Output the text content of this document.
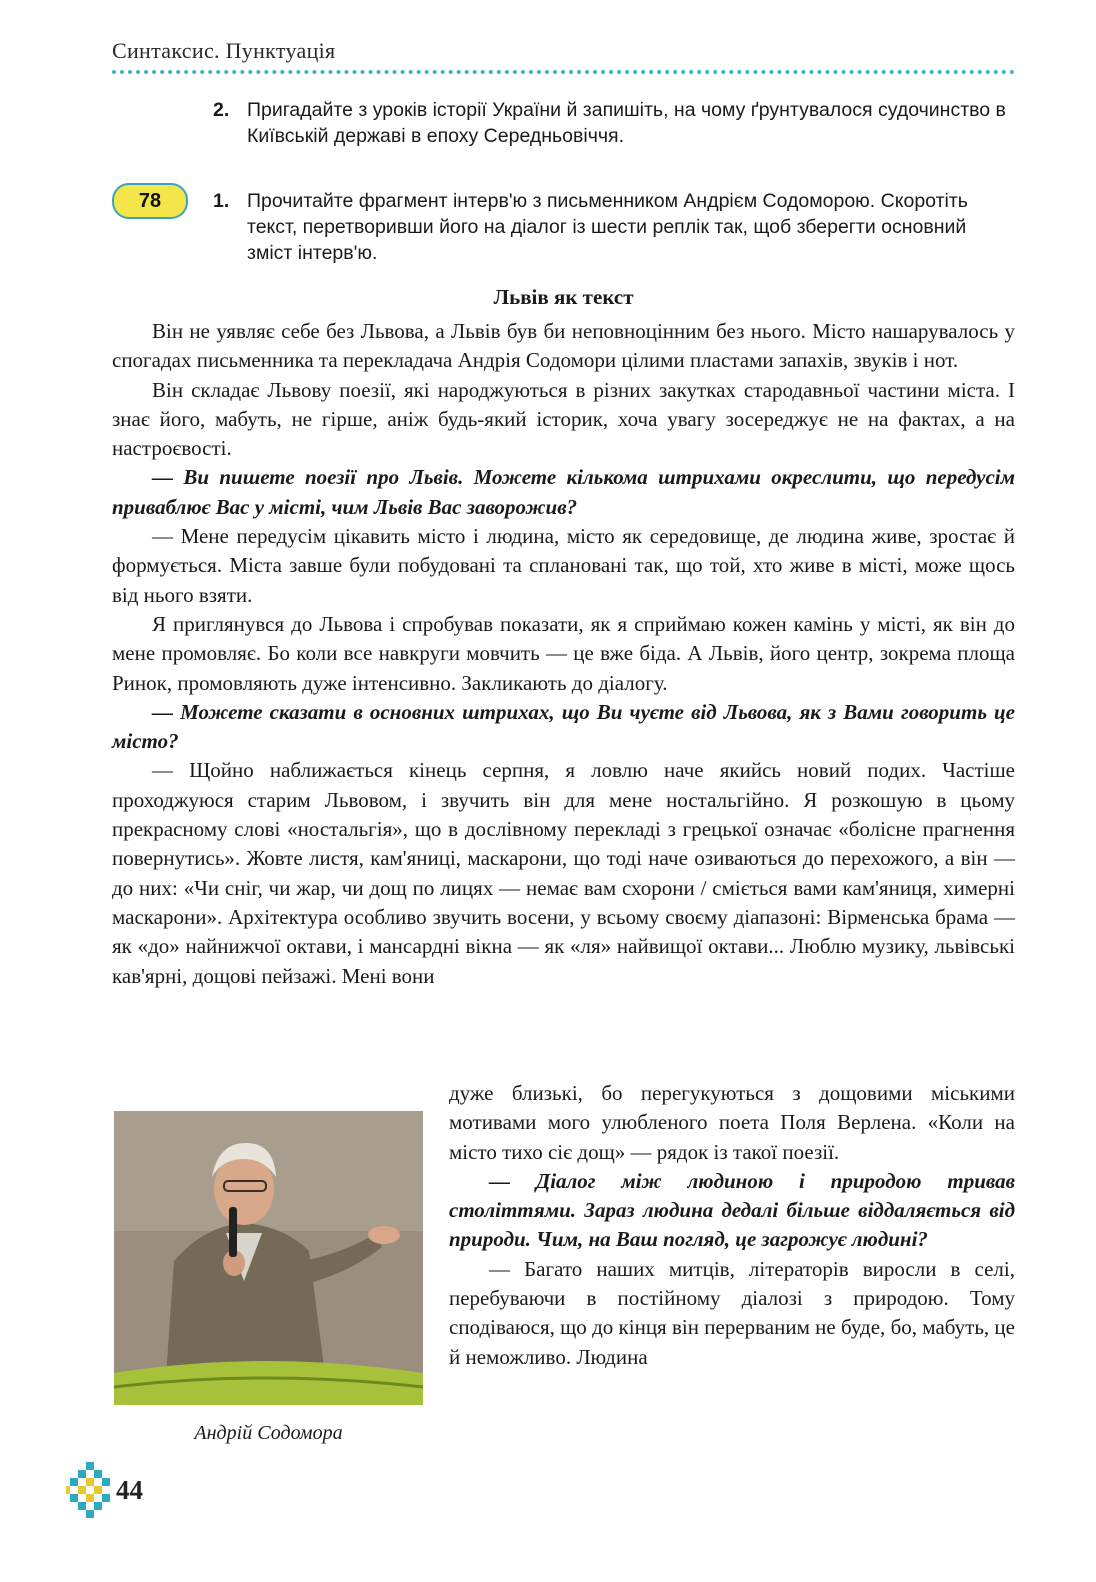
Синтаксис. Пунктуація
2. Пригадайте з уроків історії України й запишіть, на чому ґрунтувалося судочинство в Київській державі в епоху Середньовіччя.
78	1. Прочитайте фрагмент інтерв'ю з письменником Андрієм Содоморою. Скоротіть текст, перетворивши його на діалог із шести реплік так, щоб зберегти основний зміст інтерв'ю.
Львів як текст

Він не уявляє себе без Львова, а Львів був би неповноцінним без нього. Місто нашарувалось у спогадах письменника та перекладача Андрія Содомори цілими пластами запахів, звуків і нот.

Він складає Львову поезії, які народжуються в різних закутках стародавньої частини міста. І знає його, мабуть, не гірше, аніж будь-який історик, хоча увагу зосереджує не на фактах, а на настроєвості.

— Ви пишете поезії про Львів. Можете кількома штрихами окреслити, що передусім приваблює Вас у місті, чим Львів Вас заворожив?

— Мене передусім цікавить місто і людина, місто як середовище, де людина живе, зростає й формується. Міста завше були побудовані та сплановані так, що той, хто живе в місті, може щось від нього взяти.

Я приглянувся до Львова і спробував показати, як я сприймаю кожен камінь у місті, як він до мене промовляє. Бо коли все навкруги мовчить — це вже біда. А Львів, його центр, зокрема площа Ринок, промовляють дуже інтенсивно. Закликають до діалогу.

— Можете сказати в основних штрихах, що Ви чуєте від Львова, як з Вами говорить це місто?

— Щойно наближається кінець серпня, я ловлю наче якийсь новий подих. Частіше проходжуюся старим Львовом, і звучить він для мене ностальгійно. Я розкошую в цьому прекрасному слові «ностальгія», що в дослівному перекладі з грецької означає «болісне прагнення повернутись». Жовте листя, кам'яниці, маскарони, що тоді наче озиваються до перехожого, а він — до них: «Чи сніг, чи жар, чи дощ по лицях — немає вам схорони / сміється вами кам'яниця, химерні маскарони». Архітектура особливо звучить восени, у всьому своєму діапазоні: Вірменська брама — як «до» найнижчої октави, і мансардні вікна — як «ля» найвищої октави... Люблю музику, львівські кав'ярні, дощові пейзажі. Мені вони

Андрій Содомора

дуже близькі, бо перегукуються з дощовими міськими мотивами мого улюбленого поета Поля Верлена. «Коли на місто тихо сіє дощ» — рядок із такої поезії.

— Діалог між людиною і природою тривав століттями. Зараз людина дедалі більше віддаляється від природи. Чим, на Ваш погляд, це загрожує людині?

— Багато наших митців, літераторів виросли в селі, перебуваючи в постійному діалозі з природою. Тому сподіваюся, що до кінця він перерваним не буде, бо, мабуть, це й неможливо. Людина

44
